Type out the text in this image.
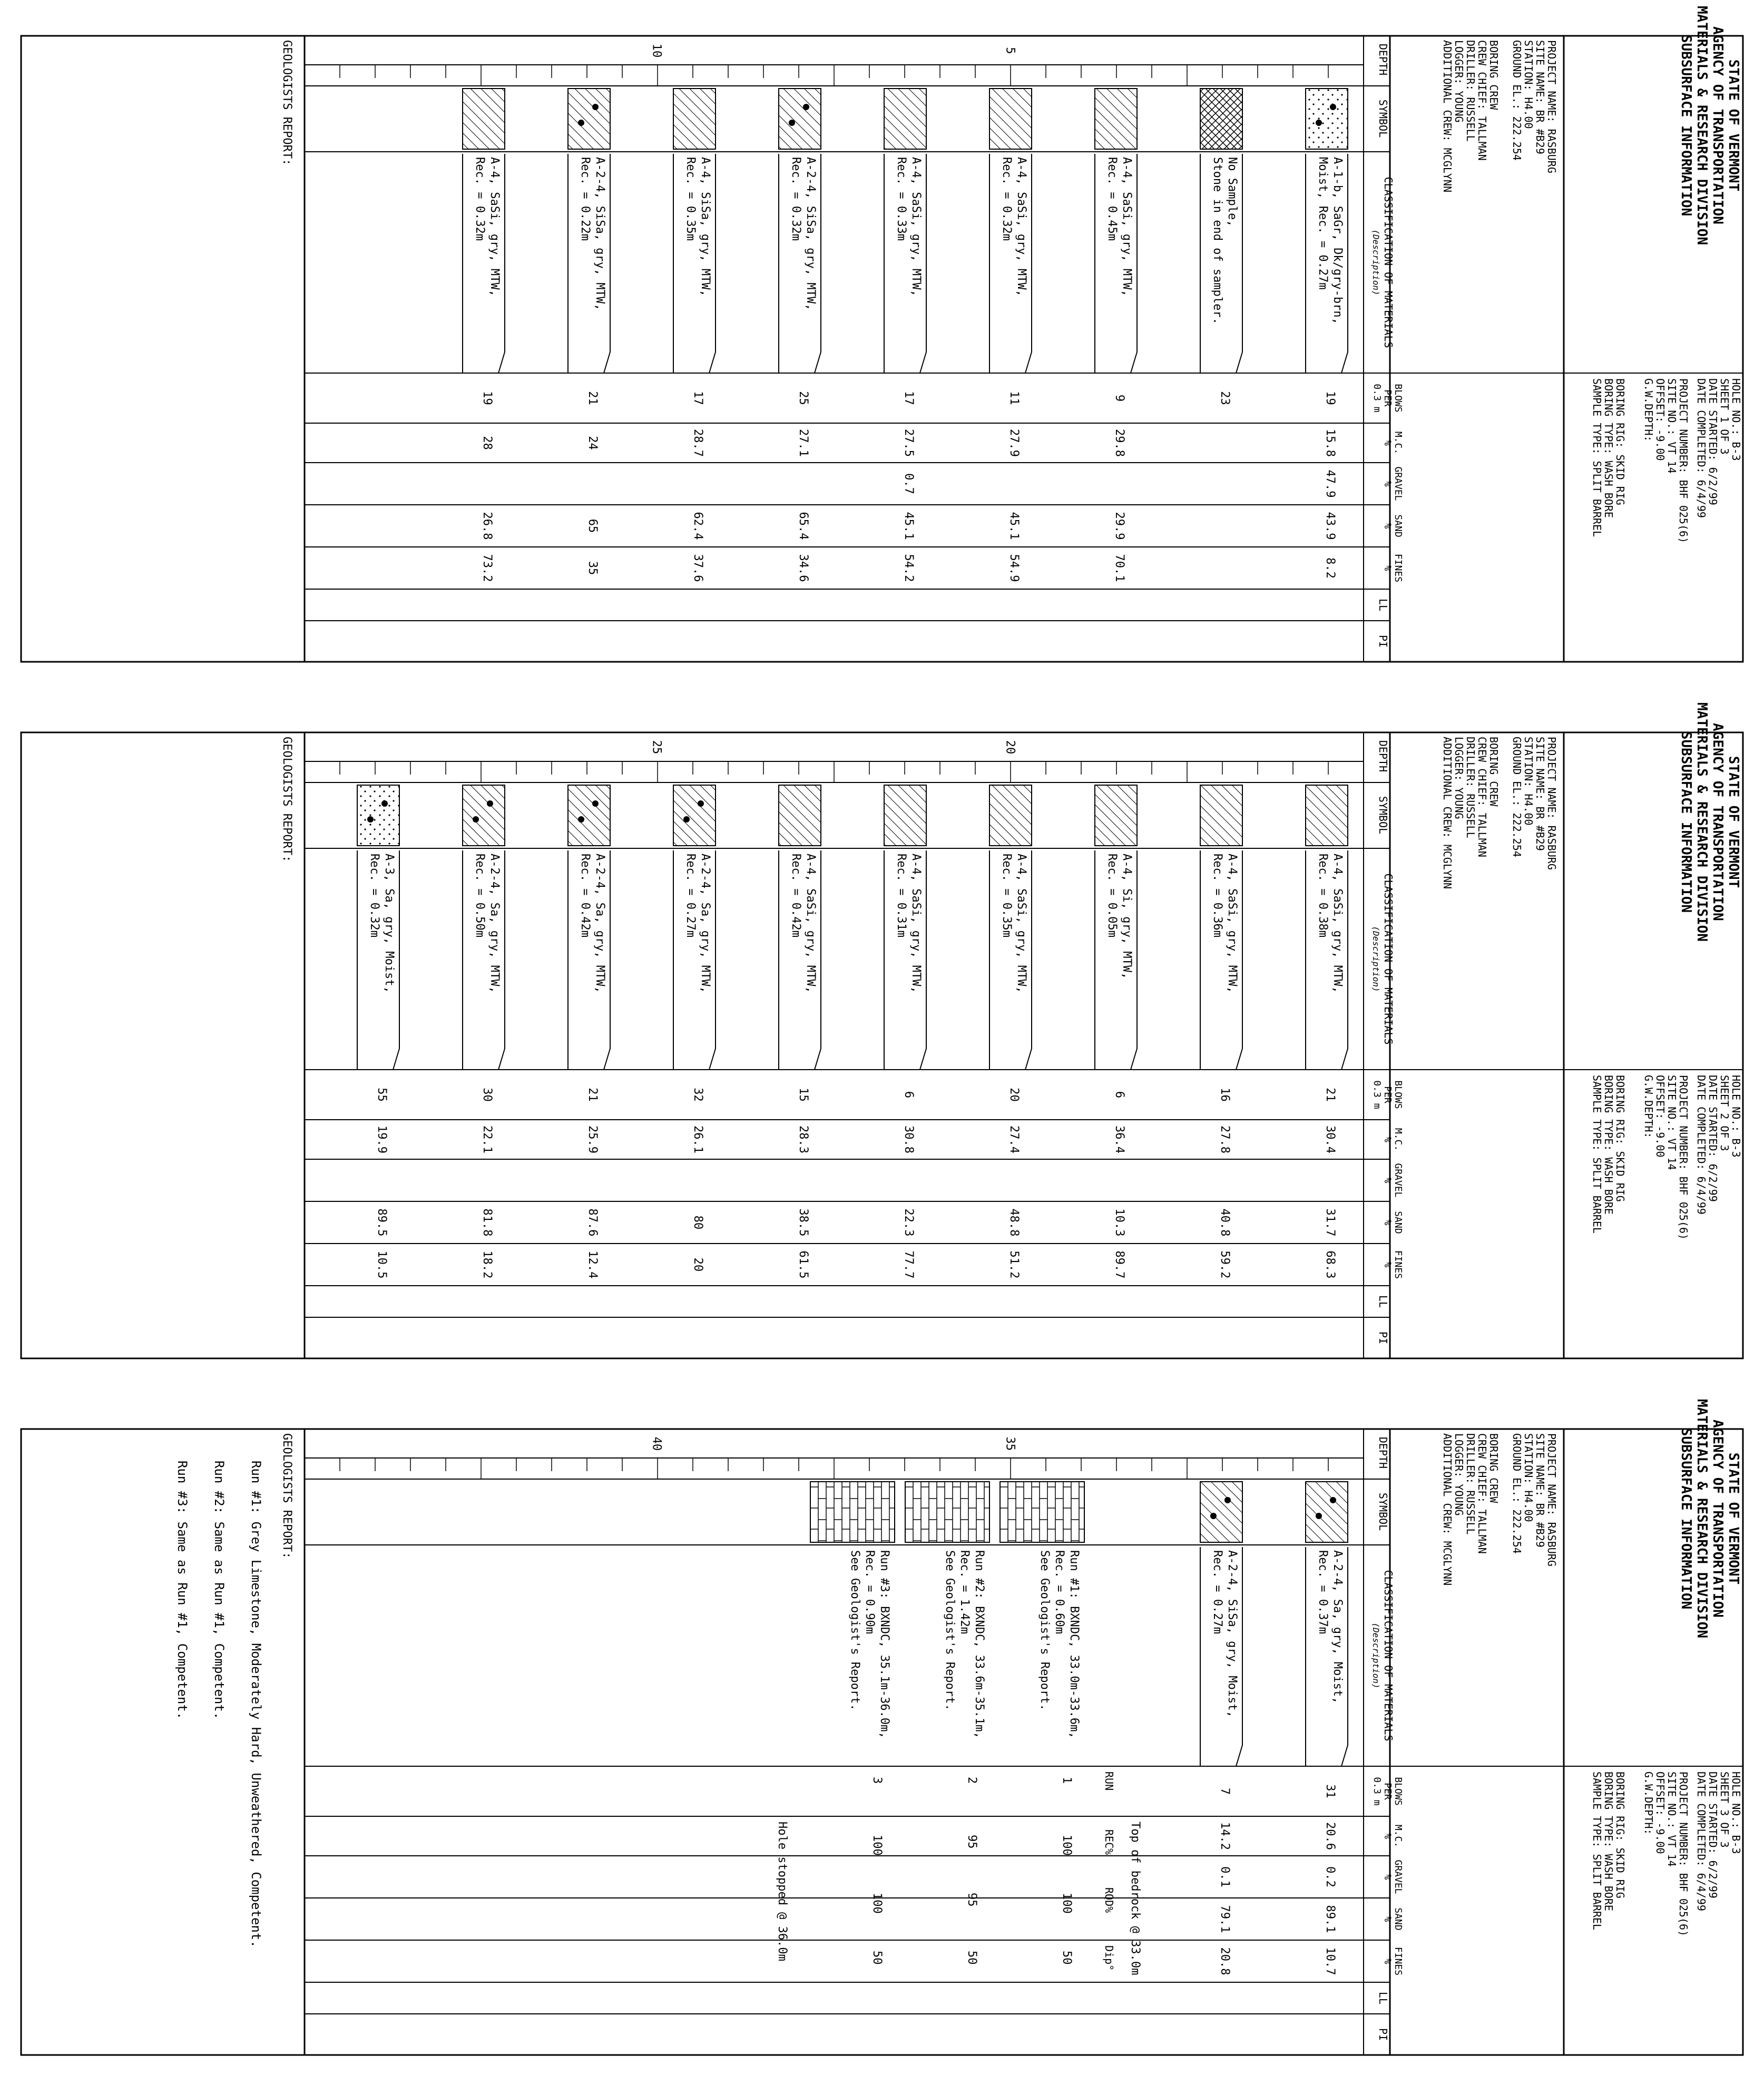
STATE OF VERMONT
AGENCY OF TRANSPORTATION
MATERIALS & RESEARCH DIVISION
SUBSURFACE INFORMATION
PROJECT NAME: RASBURG
SITE NAME: BR #B29
STATION: H4.00
GROUND EL.: 222.254
BORING CREW
CREW CHIEF: TALLMAN
DRILLER: RUSSELL
LOGGER: YOUNG
ADDITIONAL CREW: MCGLYNN
HOLE NO.: B-3
SHEET 1 OF 3
DATE STARTED: 6/2/99
DATE COMPLETED: 6/4/99
PROJECT NUMBER: BHF 025(6)
SITE NO.: VT 14
OFFSET: -9.00
G.W.DEPTH:
BORING RIG: SKID RIG
BORING TYPE: WASH BORE
SAMPLE TYPE: SPLIT BARREL
DEPTH
SYMBOL
CLASSIFICATION OF MATERIALS
(Description)
BLOWS
PER
0.3 m
M.C.
%
GRAVEL
%
SAND
%
FINES
%
LL
PI
5
10
A-1-b, SaGr, Dk/gry-brn,
Moist, Rec. = 0.27m
19
15.8
47.9
43.9
8.2
No Sample,
Stone in end of sampler.
23
A-4, SaSi, gry, MTW,
Rec. = 0.45m
9
29.8
29.9
70.1
A-4, SaSi, gry, MTW,
Rec. = 0.32m
11
27.9
45.1
54.9
A-4, SaSi, gry, MTW,
Rec. = 0.33m
17
27.5
0.7
45.1
54.2
A-2-4, SiSa, gry, MTW,
Rec. = 0.32m
25
27.1
65.4
34.6
A-4, SiSa, gry, MTW,
Rec. = 0.35m
17
28.7
62.4
37.6
A-2-4, SiSa, gry, MTW,
Rec. = 0.22m
21
24
65
35
A-4, SaSi, gry, MTW,
Rec. = 0.32m
19
28
26.8
73.2
GEOLOGISTS REPORT:
STATE OF VERMONT
AGENCY OF TRANSPORTATION
MATERIALS & RESEARCH DIVISION
SUBSURFACE INFORMATION
PROJECT NAME: RASBURG
SITE NAME: BR #B29
STATION: H4.00
GROUND EL.: 222.254
BORING CREW
CREW CHIEF: TALLMAN
DRILLER: RUSSELL
LOGGER: YOUNG
ADDITIONAL CREW: MCGLYNN
HOLE NO.: B-3
SHEET 2 OF 3
DATE STARTED: 6/2/99
DATE COMPLETED: 6/4/99
PROJECT NUMBER: BHF 025(6)
SITE NO.: VT 14
OFFSET: -9.00
G.W.DEPTH:
BORING RIG: SKID RIG
BORING TYPE: WASH BORE
SAMPLE TYPE: SPLIT BARREL
DEPTH
SYMBOL
CLASSIFICATION OF MATERIALS
(Description)
BLOWS
PER
0.3 m
M.C.
%
GRAVEL
%
SAND
%
FINES
%
LL
PI
20
25
A-4, SaSi, gry, MTW,
Rec. = 0.38m
21
30.4
31.7
68.3
A-4, SaSi, gry, MTW,
Rec. = 0.36m
16
27.8
40.8
59.2
A-4, Si, gry, MTW,
Rec. = 0.05m
6
36.4
10.3
89.7
A-4, SaSi, gry, MTW,
Rec. = 0.35m
20
27.4
48.8
51.2
A-4, SaSi, gry, MTW,
Rec. = 0.31m
6
30.8
22.3
77.7
A-4, SaSi, gry, MTW,
Rec. = 0.42m
15
28.3
38.5
61.5
A-2-4, Sa, gry, MTW,
Rec. = 0.27m
32
26.1
80
20
A-2-4, Sa, gry, MTW,
Rec. = 0.42m
21
25.9
87.6
12.4
A-2-4, Sa, gry, MTW,
Rec. = 0.50m
30
22.1
81.8
18.2
A-3, Sa, gry, Moist,
Rec. = 0.32m
55
19.9
89.5
10.5
GEOLOGISTS REPORT:
STATE OF VERMONT
AGENCY OF TRANSPORTATION
MATERIALS & RESEARCH DIVISION
SUBSURFACE INFORMATION
PROJECT NAME: RASBURG
SITE NAME: BR #B29
STATION: H4.00
GROUND EL.: 222.254
BORING CREW
CREW CHIEF: TALLMAN
DRILLER: RUSSELL
LOGGER: YOUNG
ADDITIONAL CREW: MCGLYNN
HOLE NO.: B-3
SHEET 3 OF 3
DATE STARTED: 6/2/99
DATE COMPLETED: 6/4/99
PROJECT NUMBER: BHF 025(6)
SITE NO.: VT 14
OFFSET: -9.00
G.W.DEPTH:
BORING RIG: SKID RIG
BORING TYPE: WASH BORE
SAMPLE TYPE: SPLIT BARREL
DEPTH
SYMBOL
CLASSIFICATION OF MATERIALS
(Description)
BLOWS
PER
0.3 m
M.C.
%
GRAVEL
%
SAND
%
FINES
%
LL
PI
35
40
A-2-4, Sa, gry, Moist,
Rec. = 0.37m
31
20.6
0.2
89.1
10.7
A-2-4, SiSa, gry, Moist,
Rec. = 0.27m
7
14.2
0.1
79.1
20.8
Top of bedrock @ 33.0m
RUN
REC%
RQD%
Dip°
Run #1: BXNDC, 33.0m-33.6m,
Rec. = 0.60m
See Geologist's Report.
1
100
100
50
Run #2: BXNDC, 33.6m-35.1m,
Rec. = 1.42m
See Geologist's Report.
2
95
95
50
Run #3: BXNDC, 35.1m-36.0m,
Rec. = 0.90m
See Geologist's Report.
3
100
100
50
Hole stopped @ 36.0m
GEOLOGISTS REPORT:
Run #1: Grey Limestone, Moderately Hard, Unweathered, Competent.
Run #2: Same as Run #1, Competent.
Run #3: Same as Run #1, Competent.
